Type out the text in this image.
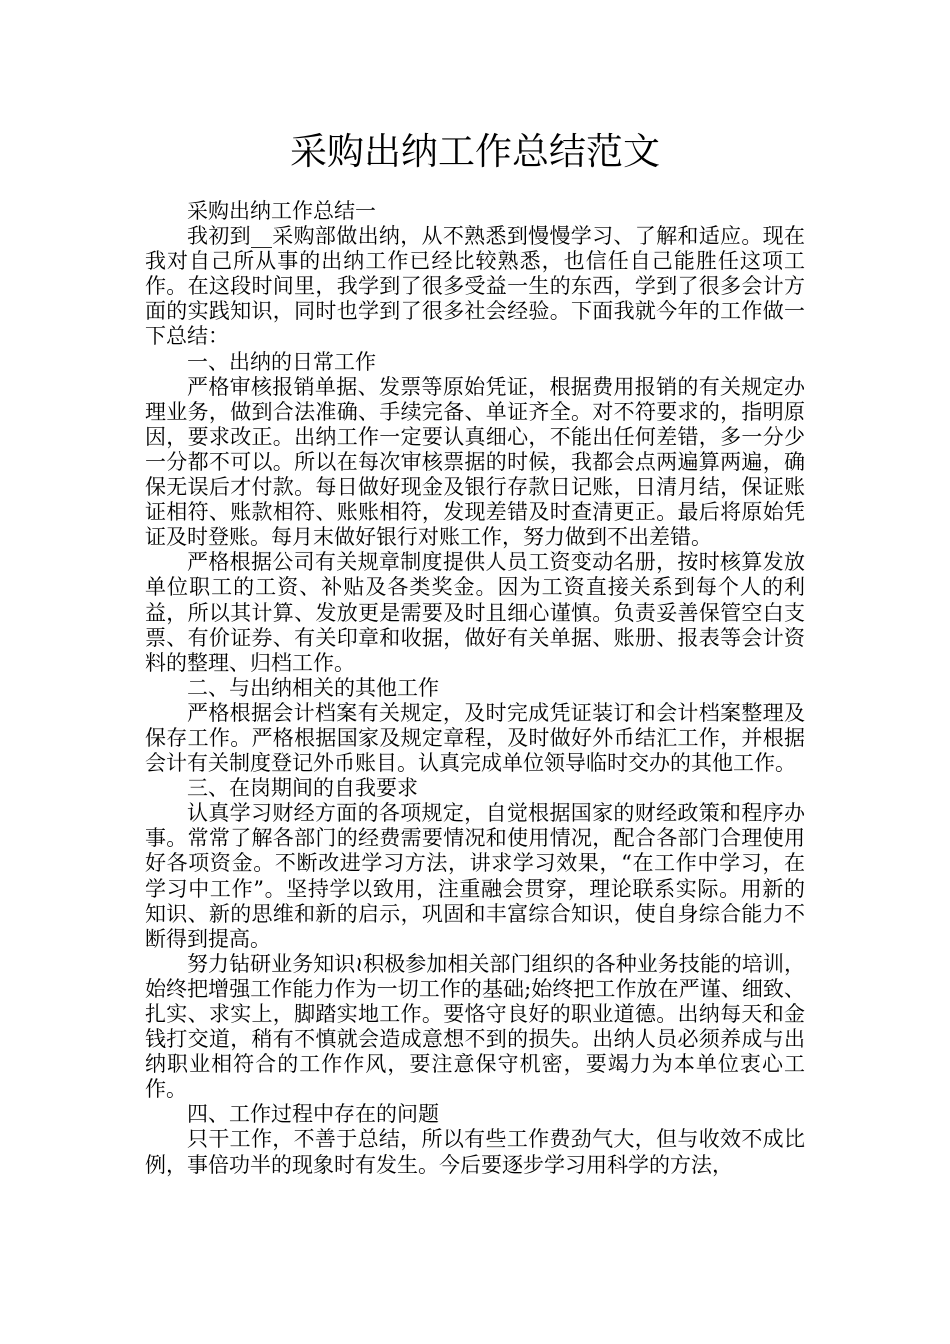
采购出纳工作总结范文

采购出纳工作总结一

我初到__采购部做出纳，从不熟悉到慢慢学习、了解和适应。现在我对自己所从事的出纳工作已经比较熟悉，也信任自己能胜任这项工作。在这段时间里，我学到了很多受益一生的东西，学到了很多会计方面的实践知识，同时也学到了很多社会经验。下面我就今年的工作做一下总结：

一、出纳的日常工作

严格审核报销单据、发票等原始凭证，根据费用报销的有关规定办理业务，做到合法准确、手续完备、单证齐全。对不符要求的，指明原因，要求改正。出纳工作一定要认真细心，不能出任何差错，多一分少一分都不可以。所以在每次审核票据的时候，我都会点两遍算两遍，确保无误后才付款。每日做好现金及银行存款日记账，日清月结，保证账证相符、账款相符、账账相符，发现差错及时查清更正。最后将原始凭证及时登账。每月末做好银行对账工作，努力做到不出差错。

严格根据公司有关规章制度提供人员工资变动名册，按时核算发放单位职工的工资、补贴及各类奖金。因为工资直接关系到每个人的利益，所以其计算、发放更是需要及时且细心谨慎。负责妥善保管空白支票、有价证券、有关印章和收据，做好有关单据、账册、报表等会计资料的整理、归档工作。

二、与出纳相关的其他工作

严格根据会计档案有关规定，及时完成凭证装订和会计档案整理及保存工作。严格根据国家及规定章程，及时做好外币结汇工作，并根据会计有关制度登记外币账目。认真完成单位领导临时交办的其他工作。

三、在岗期间的自我要求

认真学习财经方面的各项规定，自觉根据国家的财经政策和程序办事。常常了解各部门的经费需要情况和使用情况，配合各部门合理使用好各项资金。不断改进学习方法，讲求学习效果，“在工作中学习，在学习中工作”。坚持学以致用，注重融会贯穿，理论联系实际。用新的知识、新的思维和新的启示，巩固和丰富综合知识，使自身综合能力不断得到提高。

努力钻研业务知识≀积极参加相关部门组织的各种业务技能的培训，始终把增强工作能力作为一切工作的基础;始终把工作放在严谨、细致、扎实、求实上，脚踏实地工作。要恪守良好的职业道德。出纳每天和金钱打交道，稍有不慎就会造成意想不到的损失。出纳人员必须养成与出纳职业相符合的工作作风，要注意保守机密，要竭力为本单位衷心工作。

四、工作过程中存在的问题

只干工作，不善于总结，所以有些工作费劲气大，但与收效不成比例，事倍功半的现象时有发生。今后要逐步学习用科学的方法，
